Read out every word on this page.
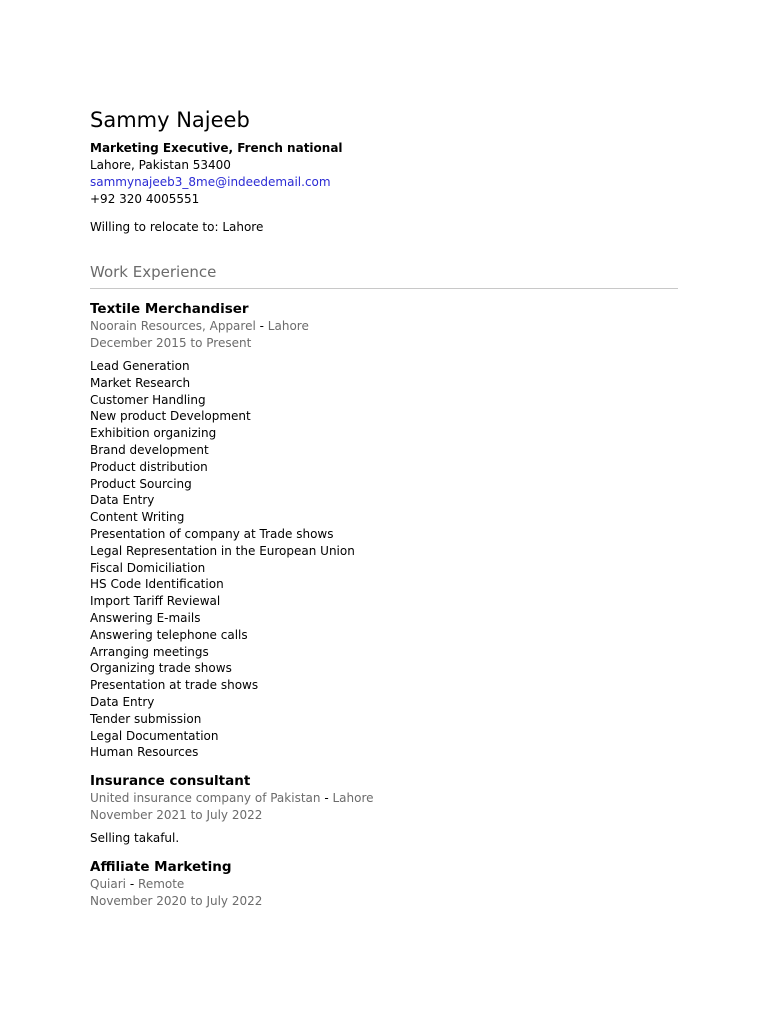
Sammy Najeeb
Marketing Executive, French national
Lahore, Pakistan 53400
sammynajeeb3_8me@indeedemail.com
+92 320 4005551
Willing to relocate to: Lahore
Work Experience
Textile Merchandiser
Noorain Resources, Apparel - Lahore
December 2015 to Present
Lead Generation
Market Research
Customer Handling
New product Development
Exhibition organizing
Brand development
Product distribution
Product Sourcing
Data Entry
Content Writing
Presentation of company at Trade shows
Legal Representation in the European Union
Fiscal Domiciliation
HS Code Identification
Import Tariff Reviewal
Answering E-mails
Answering telephone calls
Arranging meetings
Organizing trade shows
Presentation at trade shows
Data Entry
Tender submission
Legal Documentation
Human Resources
Insurance consultant
United insurance company of Pakistan - Lahore
November 2021 to July 2022
Selling takaful.
Affiliate Marketing
Quiari - Remote
November 2020 to July 2022
